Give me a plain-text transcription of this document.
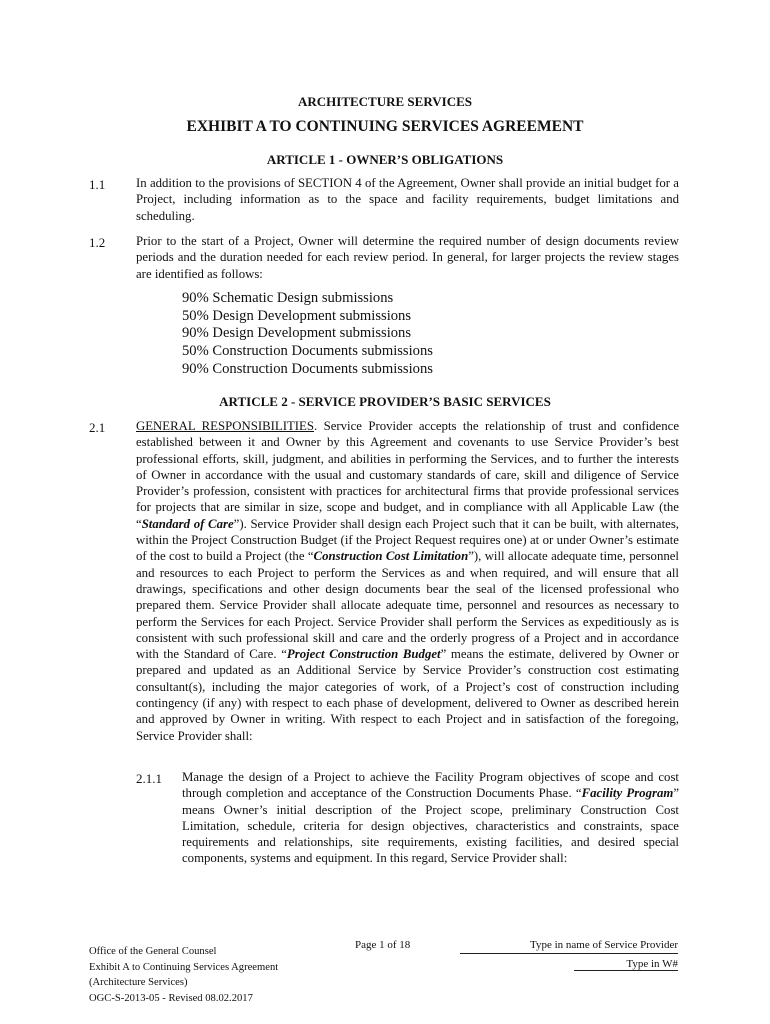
ARCHITECTURE SERVICES
EXHIBIT A TO CONTINUING SERVICES AGREEMENT
ARTICLE 1 - OWNER’S OBLIGATIONS
1.1 In addition to the provisions of SECTION 4 of the Agreement, Owner shall provide an initial budget for a Project, including information as to the space and facility requirements, budget limitations and scheduling.
1.2 Prior to the start of a Project, Owner will determine the required number of design documents review periods and the duration needed for each review period. In general, for larger projects the review stages are identified as follows:
90% Schematic Design submissions
50% Design Development submissions
90% Design Development submissions
50% Construction Documents submissions
90% Construction Documents submissions
ARTICLE 2 - SERVICE PROVIDER’S BASIC SERVICES
2.1 GENERAL RESPONSIBILITIES. Service Provider accepts the relationship of trust and confidence established between it and Owner by this Agreement and covenants to use Service Provider’s best professional efforts, skill, judgment, and abilities in performing the Services, and to further the interests of Owner in accordance with the usual and customary standards of care, skill and diligence of Service Provider’s profession, consistent with practices for architectural firms that provide professional services for projects that are similar in size, scope and budget, and in compliance with all Applicable Law (the “Standard of Care”). Service Provider shall design each Project such that it can be built, with alternates, within the Project Construction Budget (if the Project Request requires one) at or under Owner’s estimate of the cost to build a Project (the “Construction Cost Limitation”), will allocate adequate time, personnel and resources to each Project to perform the Services as and when required, and will ensure that all drawings, specifications and other design documents bear the seal of the licensed professional who prepared them. Service Provider shall allocate adequate time, personnel and resources as necessary to perform the Services for each Project. Service Provider shall perform the Services as expeditiously as is consistent with such professional skill and care and the orderly progress of a Project and in accordance with the Standard of Care. “Project Construction Budget” means the estimate, delivered by Owner or prepared and updated as an Additional Service by Service Provider’s construction cost estimating consultant(s), including the major categories of work, of a Project’s cost of construction including contingency (if any) with respect to each phase of development, delivered to Owner as described herein and approved by Owner in writing. With respect to each Project and in satisfaction of the foregoing, Service Provider shall:
2.1.1 Manage the design of a Project to achieve the Facility Program objectives of scope and cost through completion and acceptance of the Construction Documents Phase. “Facility Program” means Owner’s initial description of the Project scope, preliminary Construction Cost Limitation, schedule, criteria for design objectives, characteristics and constraints, space requirements and relationships, site requirements, existing facilities, and desired special components, systems and equipment. In this regard, Service Provider shall:
Office of the General Counsel
Exhibit A to Continuing Services Agreement
(Architecture Services)
OGC-S-2013-05 - Revised 08.02.2017
Page 1 of 18	Type in name of Service Provider
Type in W#
